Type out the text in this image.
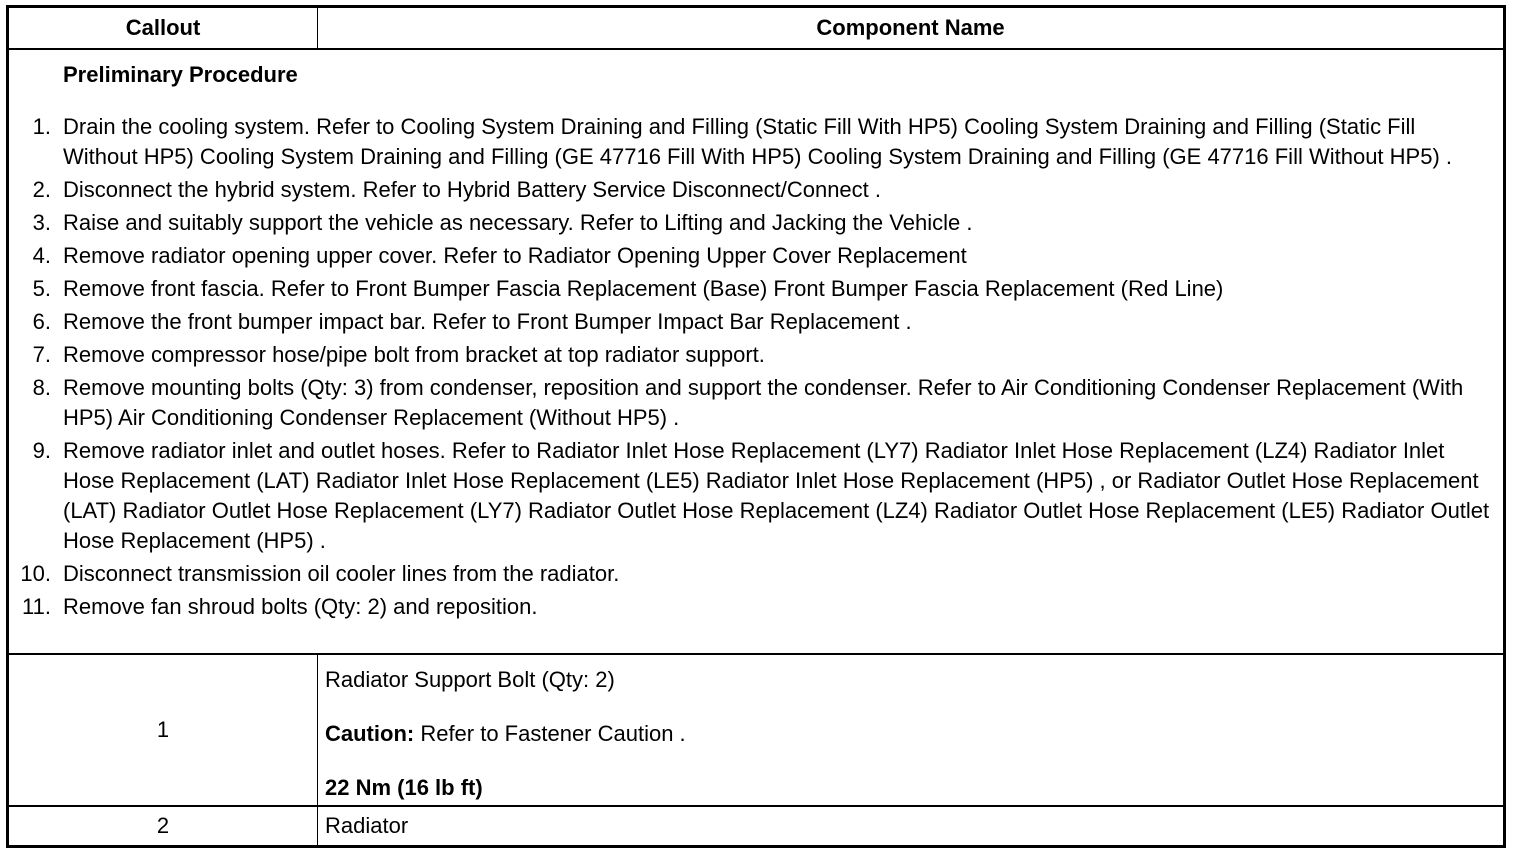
Callout	Component Name
Preliminary Procedure
1. Drain the cooling system. Refer to Cooling System Draining and Filling (Static Fill With HP5) Cooling System Draining and Filling (Static Fill Without HP5) Cooling System Draining and Filling (GE 47716 Fill With HP5) Cooling System Draining and Filling (GE 47716 Fill Without HP5) .
2. Disconnect the hybrid system. Refer to Hybrid Battery Service Disconnect/Connect .
3. Raise and suitably support the vehicle as necessary. Refer to Lifting and Jacking the Vehicle .
4. Remove radiator opening upper cover. Refer to Radiator Opening Upper Cover Replacement
5. Remove front fascia. Refer to Front Bumper Fascia Replacement (Base) Front Bumper Fascia Replacement (Red Line)
6. Remove the front bumper impact bar. Refer to Front Bumper Impact Bar Replacement .
7. Remove compressor hose/pipe bolt from bracket at top radiator support.
8. Remove mounting bolts (Qty: 3) from condenser, reposition and support the condenser. Refer to Air Conditioning Condenser Replacement (With HP5) Air Conditioning Condenser Replacement (Without HP5) .
9. Remove radiator inlet and outlet hoses. Refer to Radiator Inlet Hose Replacement (LY7) Radiator Inlet Hose Replacement (LZ4) Radiator Inlet Hose Replacement (LAT) Radiator Inlet Hose Replacement (LE5) Radiator Inlet Hose Replacement (HP5) , or Radiator Outlet Hose Replacement (LAT) Radiator Outlet Hose Replacement (LY7) Radiator Outlet Hose Replacement (LZ4) Radiator Outlet Hose Replacement (LE5) Radiator Outlet Hose Replacement (HP5) .
10. Disconnect transmission oil cooler lines from the radiator.
11. Remove fan shroud bolts (Qty: 2) and reposition.
1
Radiator Support Bolt (Qty: 2)
Caution: Refer to Fastener Caution .
22 Nm (16 lb ft)
2	Radiator
